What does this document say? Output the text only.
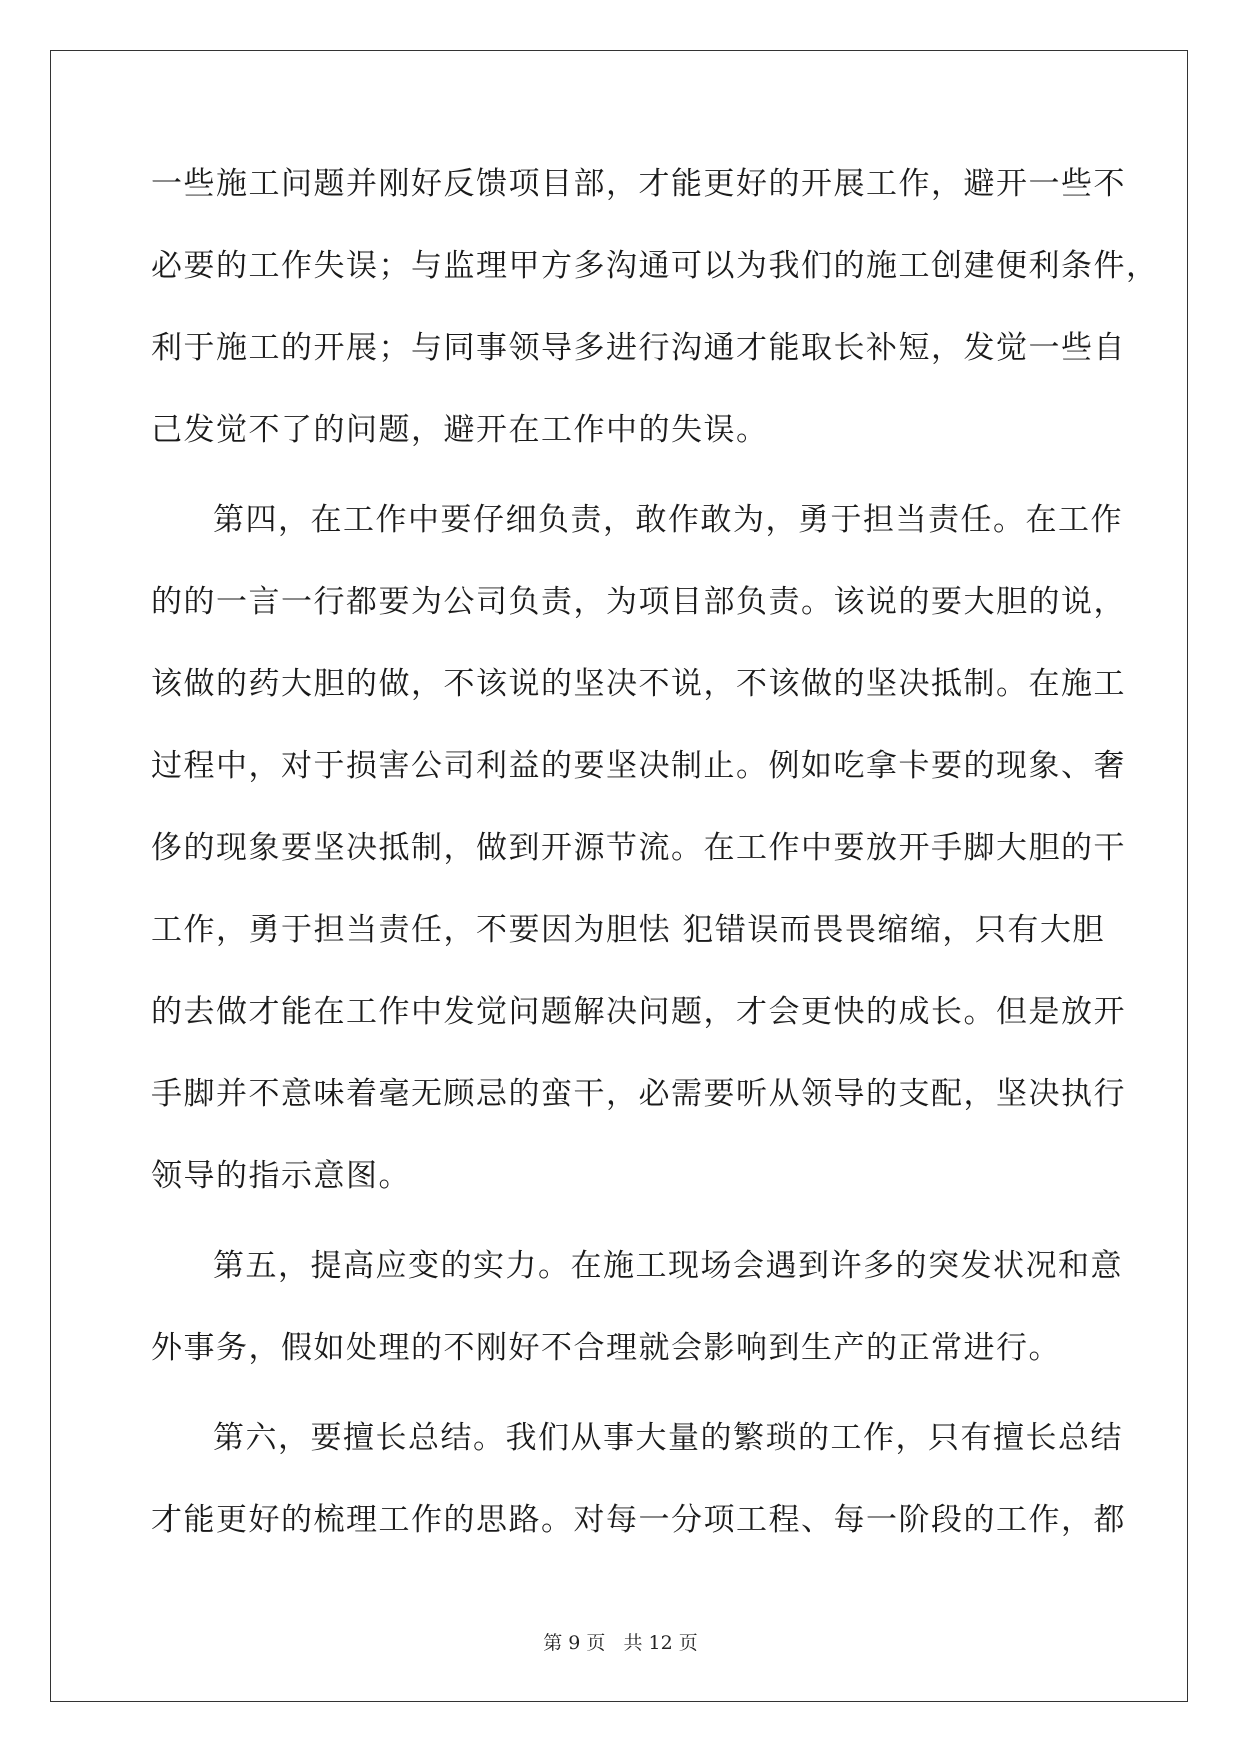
一些施工问题并刚好反馈项目部，才能更好的开展工作，避开一些不
必要的工作失误；与监理甲方多沟通可以为我们的施工创建便利条件，
利于施工的开展；与同事领导多进行沟通才能取长补短，发觉一些自
己发觉不了的问题，避开在工作中的失误。
第四，在工作中要仔细负责，敢作敢为，勇于担当责任。在工作
的的一言一行都要为公司负责，为项目部负责。该说的要大胆的说，
该做的药大胆的做，不该说的坚决不说，不该做的坚决抵制。在施工
过程中，对于损害公司利益的要坚决制止。例如吃拿卡要的现象、奢
侈的现象要坚决抵制，做到开源节流。在工作中要放开手脚大胆的干
工作，勇于担当责任，不要因为胆怯 犯错误而畏畏缩缩，只有大胆
的去做才能在工作中发觉问题解决问题，才会更快的成长。但是放开
手脚并不意味着毫无顾忌的蛮干，必需要听从领导的支配，坚决执行
领导的指示意图。
第五，提高应变的实力。在施工现场会遇到许多的突发状况和意
外事务，假如处理的不刚好不合理就会影响到生产的正常进行。
第六，要擅长总结。我们从事大量的繁琐的工作，只有擅长总结
才能更好的梳理工作的思路。对每一分项工程、每一阶段的工作，都
第 9 页 共 12 页
